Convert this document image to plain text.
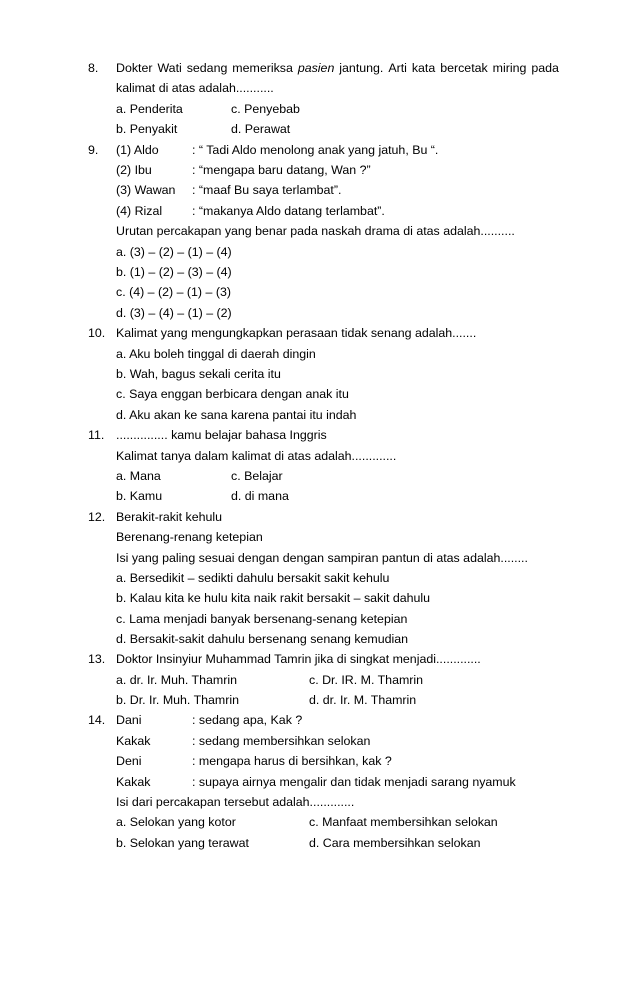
8. Dokter Wati sedang memeriksa pasien jantung. Arti kata bercetak miring pada
kalimat di atas adalah...........
a. Penderita	c. Penyebab
b. Penyakit	d. Perawat
9. (1) Aldo	: “ Tadi Aldo menolong anak yang jatuh, Bu “.
(2) Ibu	: “mengapa baru datang, Wan ?”
(3) Wawan : “maaf Bu saya terlambat”.
(4) Rizal : “makanya Aldo datang terlambat”.
Urutan percakapan yang benar pada naskah drama di atas adalah..........
a. (3) – (2) – (1) – (4)
b. (1) – (2) – (3) – (4)
c. (4) – (2) – (1) – (3)
d. (3) – (4) – (1) – (2)
10. Kalimat yang mengungkapkan perasaan tidak senang adalah.......
a. Aku boleh tinggal di daerah dingin
b. Wah, bagus sekali cerita itu
c. Saya enggan berbicara dengan anak itu
d. Aku akan ke sana karena pantai itu indah
11. ............... kamu belajar bahasa Inggris
Kalimat tanya dalam kalimat di atas adalah.............
a. Mana	c. Belajar
b. Kamu	d. di mana
12. Berakit-rakit kehulu
Berenang-renang ketepian
Isi yang paling sesuai dengan dengan sampiran pantun di atas adalah........
a. Bersedikit – sedikti dahulu bersakit sakit kehulu
b. Kalau kita ke hulu kita naik rakit bersakit – sakit dahulu
c. Lama menjadi banyak bersenang-senang ketepian
d. Bersakit-sakit dahulu bersenang senang kemudian
13. Doktor Insinyiur Muhammad Tamrin jika di singkat menjadi.............
a. dr. Ir. Muh. Thamrin	c. Dr. IR. M. Thamrin
b. Dr. Ir. Muh. Thamrin	d. dr. Ir. M. Thamrin
14. Dani	: sedang apa, Kak ?
Kakak	: sedang membersihkan selokan
Deni	: mengapa harus di bersihkan, kak ?
Kakak	: supaya airnya mengalir dan tidak menjadi sarang nyamuk
Isi dari percakapan tersebut adalah.............
a. Selokan yang kotor	c. Manfaat membersihkan selokan
b. Selokan yang terawat	d. Cara membersihkan selokan
